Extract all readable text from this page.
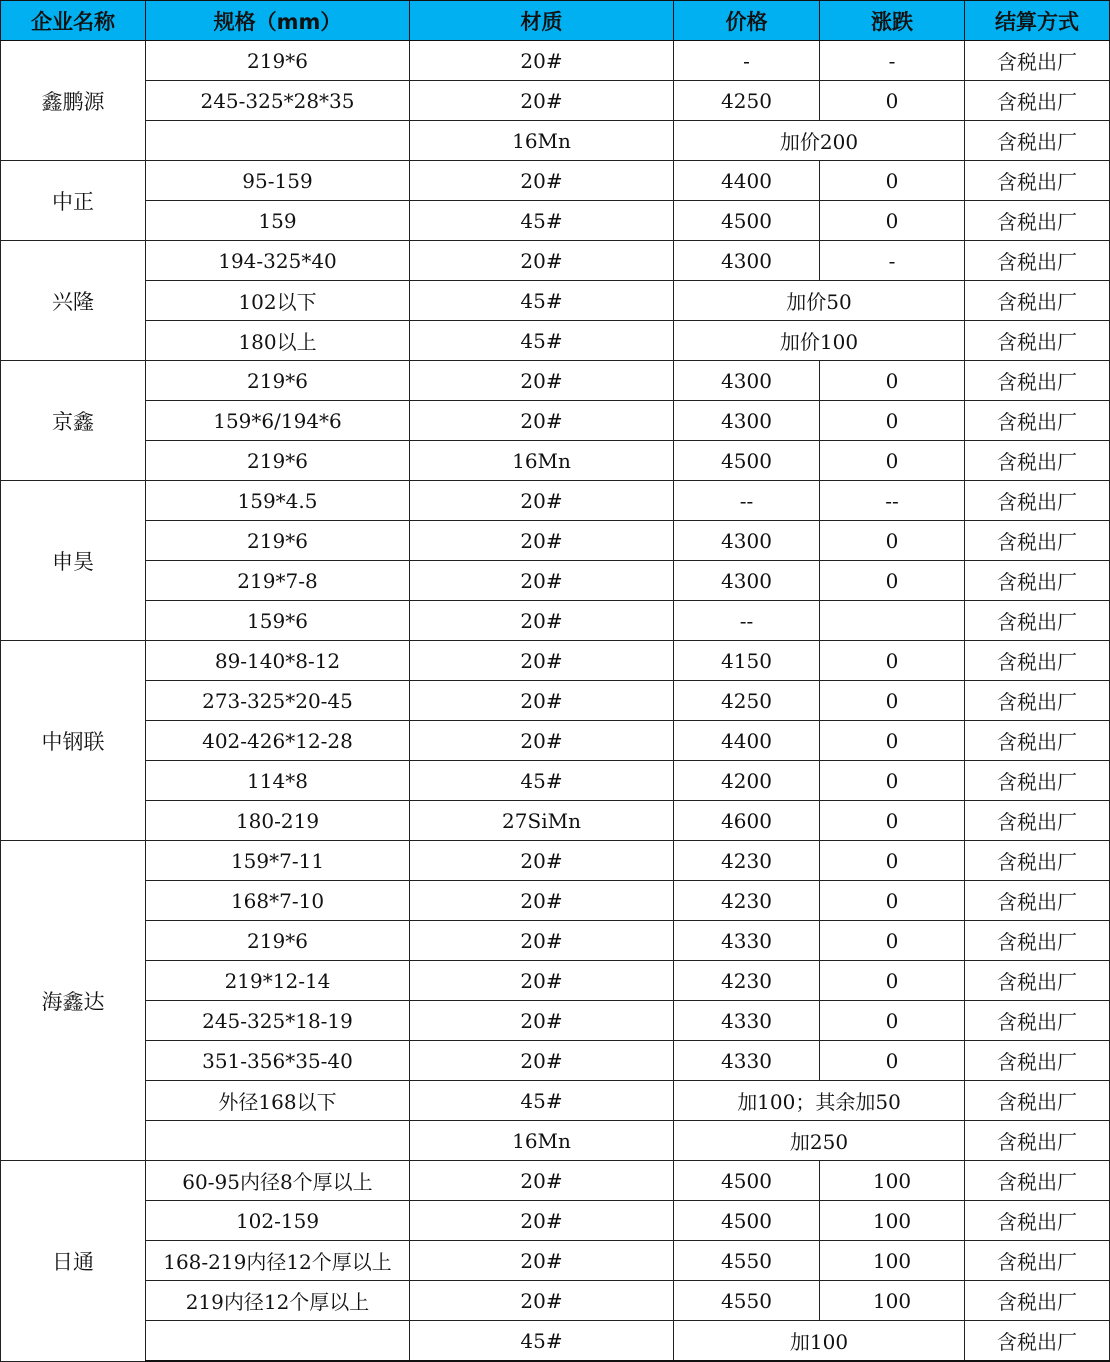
企业名称	规格（mm）	材质	价格	涨跌	结算方式
鑫鹏源	219*6	20#	-	-	含税出厂
	245-325*28*35	20#	4250	0	含税出厂
		16Mn	加价200		含税出厂
中正	95-159	20#	4400	0	含税出厂
	159	45#	4500	0	含税出厂
兴隆	194-325*40	20#	4300	-	含税出厂
	102以下	45#	加价50		含税出厂
	180以上	45#	加价100		含税出厂
京鑫	219*6	20#	4300	0	含税出厂
	159*6/194*6	20#	4300	0	含税出厂
	219*6	16Mn	4500	0	含税出厂
申昊	159*4.5	20#	--	--	含税出厂
	219*6	20#	4300	0	含税出厂
	219*7-8	20#	4300	0	含税出厂
	159*6	20#	--		含税出厂
中钢联	89-140*8-12	20#	4150	0	含税出厂
	273-325*20-45	20#	4250	0	含税出厂
	402-426*12-28	20#	4400	0	含税出厂
	114*8	45#	4200	0	含税出厂
	180-219	27SiMn	4600	0	含税出厂
海鑫达	159*7-11	20#	4230	0	含税出厂
	168*7-10	20#	4230	0	含税出厂
	219*6	20#	4330	0	含税出厂
	219*12-14	20#	4230	0	含税出厂
	245-325*18-19	20#	4330	0	含税出厂
	351-356*35-40	20#	4330	0	含税出厂
	外径168以下	45#	加100；其余加50		含税出厂
		16Mn	加250		含税出厂
日通	60-95内径8个厚以上	20#	4500	100	含税出厂
	102-159	20#	4500	100	含税出厂
	168-219内径12个厚以上	20#	4550	100	含税出厂
	219内径12个厚以上	20#	4550	100	含税出厂
		45#	加100		含税出厂
